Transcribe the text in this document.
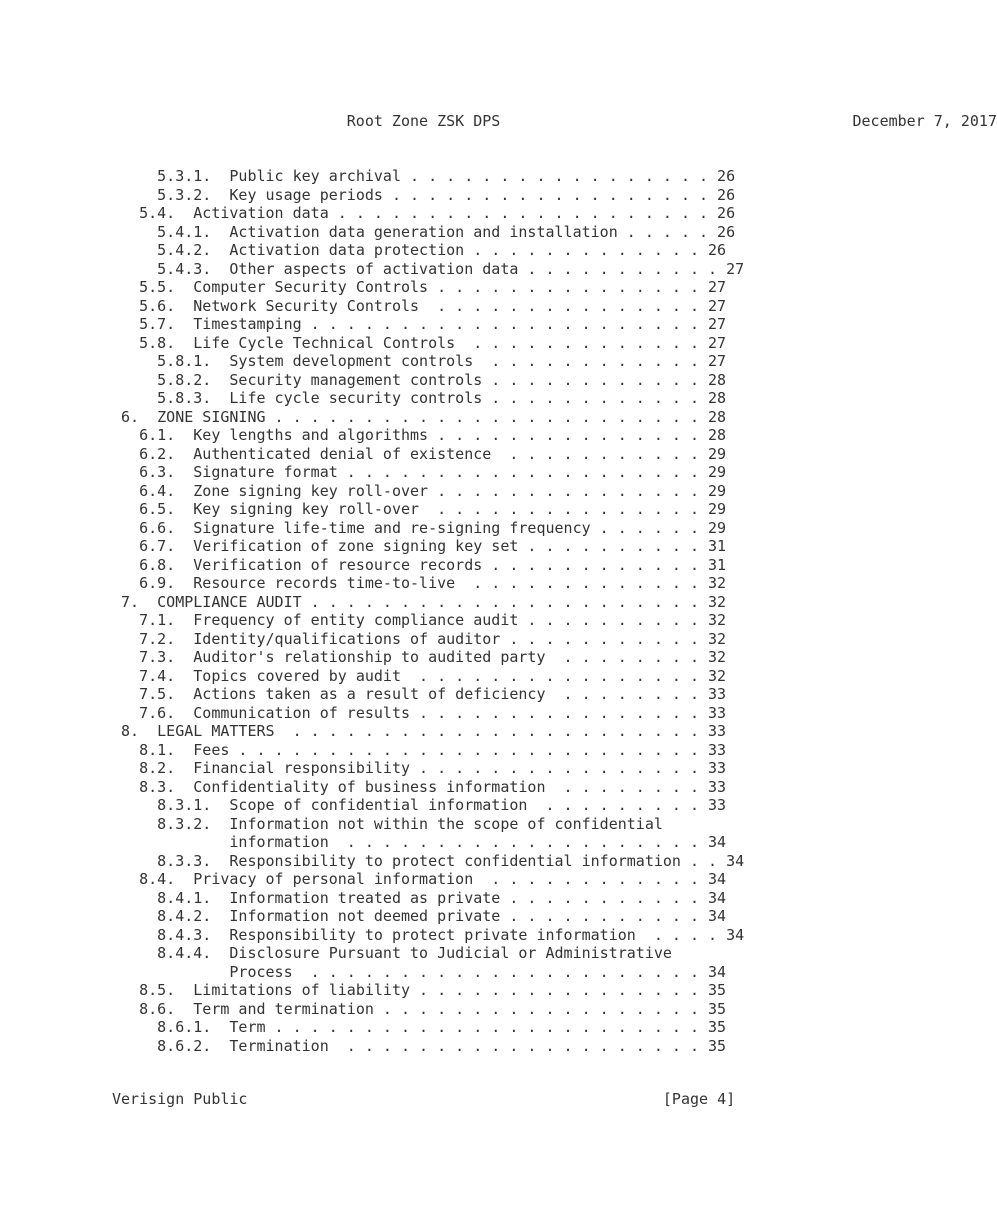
Root Zone ZSK DPS	December 7, 2017
5.3.1.  Public key archival . . . . . . . . . . . . . . . . . 26
5.3.2.  Key usage periods . . . . . . . . . . . . . . . . . . 26
5.4.  Activation data . . . . . . . . . . . . . . . . . . . . . 26
5.4.1.  Activation data generation and installation . . . . . 26
5.4.2.  Activation data protection . . . . . . . . . . . . . 26
5.4.3.  Other aspects of activation data . . . . . . . . . . . 27
5.5.  Computer Security Controls . . . . . . . . . . . . . . . 27
5.6.  Network Security Controls  . . . . . . . . . . . . . . . 27
5.7.  Timestamping . . . . . . . . . . . . . . . . . . . . . . 27
5.8.  Life Cycle Technical Controls  . . . . . . . . . . . . . 27
5.8.1.  System development controls  . . . . . . . . . . . . 27
5.8.2.  Security management controls . . . . . . . . . . . . 28
5.8.3.  Life cycle security controls . . . . . . . . . . . . 28
6.  ZONE SIGNING . . . . . . . . . . . . . . . . . . . . . . . . 28
6.1.  Key lengths and algorithms . . . . . . . . . . . . . . . 28
6.2.  Authenticated denial of existence  . . . . . . . . . . . 29
6.3.  Signature format . . . . . . . . . . . . . . . . . . . . 29
6.4.  Zone signing key roll-over . . . . . . . . . . . . . . . 29
6.5.  Key signing key roll-over  . . . . . . . . . . . . . . . 29
6.6.  Signature life-time and re-signing frequency . . . . . . 29
6.7.  Verification of zone signing key set . . . . . . . . . . 31
6.8.  Verification of resource records . . . . . . . . . . . . 31
6.9.  Resource records time-to-live  . . . . . . . . . . . . . 32
7.  COMPLIANCE AUDIT . . . . . . . . . . . . . . . . . . . . . . 32
7.1.  Frequency of entity compliance audit . . . . . . . . . . 32
7.2.  Identity/qualifications of auditor . . . . . . . . . . . 32
7.3.  Auditor's relationship to audited party  . . . . . . . . 32
7.4.  Topics covered by audit  . . . . . . . . . . . . . . . . 32
7.5.  Actions taken as a result of deficiency  . . . . . . . . 33
7.6.  Communication of results . . . . . . . . . . . . . . . . 33
8.  LEGAL MATTERS  . . . . . . . . . . . . . . . . . . . . . . . 33
8.1.  Fees . . . . . . . . . . . . . . . . . . . . . . . . . . 33
8.2.  Financial responsibility . . . . . . . . . . . . . . . . 33
8.3.  Confidentiality of business information  . . . . . . . . 33
8.3.1.  Scope of confidential information  . . . . . . . . . 33
8.3.2.  Information not within the scope of confidential
information  . . . . . . . . . . . . . . . . . . . . 34
8.3.3.  Responsibility to protect confidential information . . 34
8.4.  Privacy of personal information  . . . . . . . . . . . . 34
8.4.1.  Information treated as private . . . . . . . . . . . 34
8.4.2.  Information not deemed private . . . . . . . . . . . 34
8.4.3.  Responsibility to protect private information  . . . . 34
8.4.4.  Disclosure Pursuant to Judicial or Administrative
Process  . . . . . . . . . . . . . . . . . . . . . . 34
8.5.  Limitations of liability . . . . . . . . . . . . . . . . 35
8.6.  Term and termination . . . . . . . . . . . . . . . . . . 35
8.6.1.  Term . . . . . . . . . . . . . . . . . . . . . . . . 35
8.6.2.  Termination  . . . . . . . . . . . . . . . . . . . . 35
Verisign Public	[Page 4]
